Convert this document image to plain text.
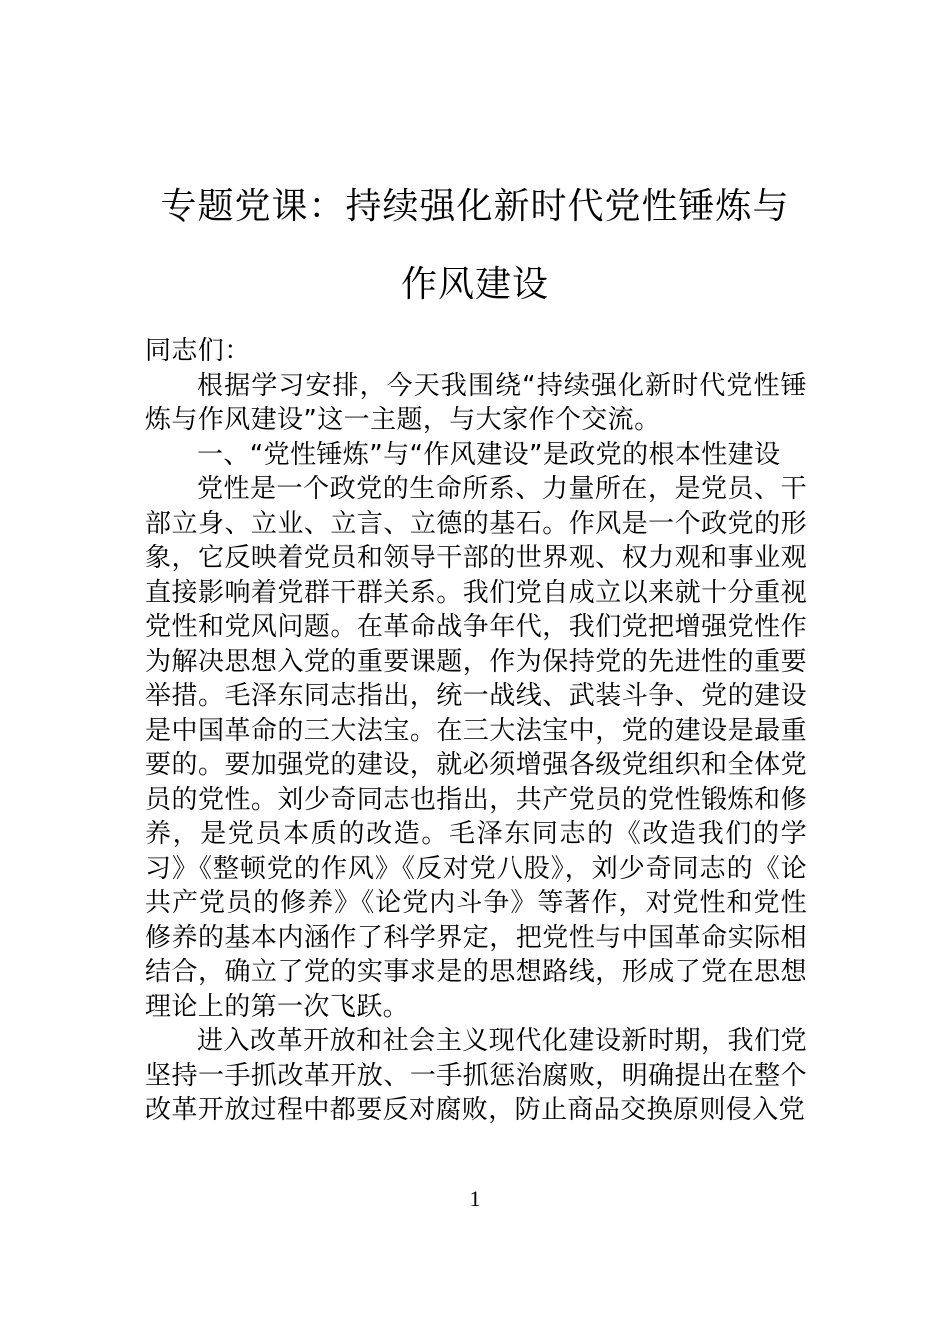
专题党课：持续强化新时代党性锤炼与作风建设

同志们：

根据学习安排，今天我围绕“持续强化新时代党性锤炼与作风建设”这一主题，与大家作个交流。

一、“党性锤炼”与“作风建设”是政党的根本性建设

党性是一个政党的生命所系、力量所在，是党员、干部立身、立业、立言、立德的基石。作风是一个政党的形象，它反映着党员和领导干部的世界观、权力观和事业观直接影响着党群干群关系。我们党自成立以来就十分重视党性和党风问题。在革命战争年代，我们党把增强党性作为解决思想入党的重要课题，作为保持党的先进性的重要举措。毛泽东同志指出，统一战线、武装斗争、党的建设是中国革命的三大法宝。在三大法宝中，党的建设是最重要的。要加强党的建设，就必须增强各级党组织和全体党员的党性。刘少奇同志也指出，共产党员的党性锻炼和修养，是党员本质的改造。毛泽东同志的《改造我们的学习》《整顿党的作风》《反对党八股》，刘少奇同志的《论共产党员的修养》《论党内斗争》等著作，对党性和党性修养的基本内涵作了科学界定，把党性与中国革命实际相结合，确立了党的实事求是的思想路线，形成了党在思想理论上的第一次飞跃。

进入改革开放和社会主义现代化建设新时期，我们党坚持一手抓改革开放、一手抓惩治腐败，明确提出在整个改革开放过程中都要反对腐败，防止商品交换原则侵入党

1
